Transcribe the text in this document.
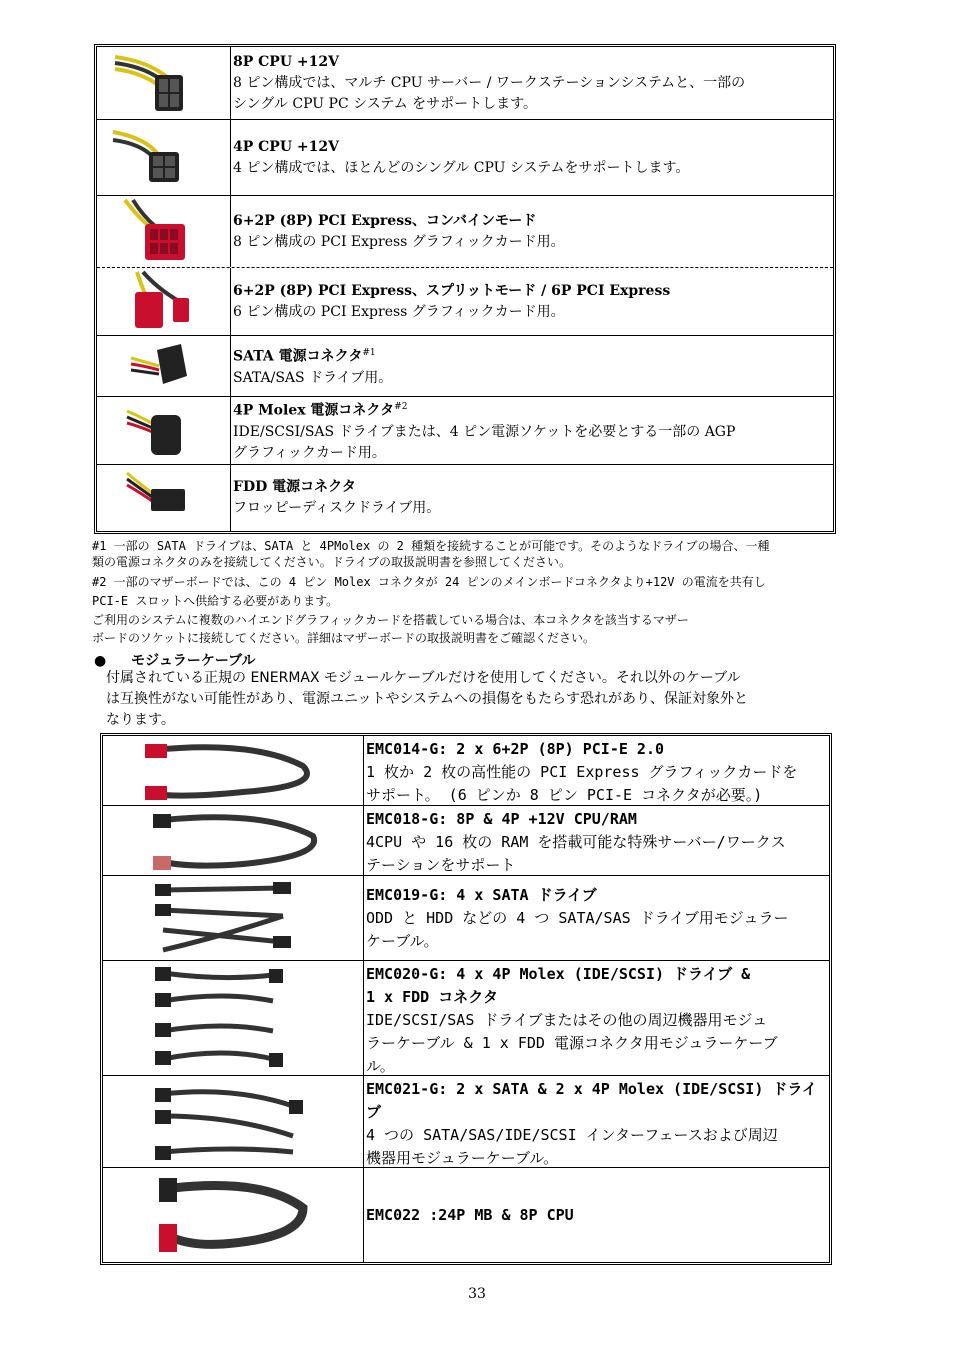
8P CPU +12V
8 ピン構成では、マルチ CPU サーバー / ワークステーションシステムと、一部の
シングル CPU PC システム をサポートします。
4P CPU +12V
4 ピン構成では、ほとんどのシングル CPU システムをサポートします。
6+2P (8P) PCI Express、コンバインモード
8 ピン構成の PCI Express グラフィックカード用。
6+2P (8P) PCI Express、スプリットモード / 6P PCI Express
6 ピン構成の PCI Express グラフィックカード用。
SATA 電源コネクタ$^{\#1}$
SATA/SAS ドライブ用。
4P Molex 電源コネクタ$^{\#2}$
IDE/SCSI/SAS ドライブまたは、4 ピン電源ソケットを必要とする一部の AGP
グラフィックカード用。
FDD 電源コネクタ
フロッピーディスクドライブ用。
#1 一部の SATA ドライブは、SATA と 4PMolex の 2 種類を接続することが可能です。そのようなドライブの場合、一種
類の電源コネクタのみを接続してください。ドライブの取扱説明書を参照してください。
#2 一部のマザーボードでは、この 4 ピン Molex コネクタが 24 ピンのメインボードコネクタより+12V の電流を共有し
PCI-E スロットへ供給する必要があります。
ご利用のシステムに複数のハイエンドグラフィックカードを搭載している場合は、本コネクタを該当するマザー
ボードのソケットに接続してください。詳細はマザーボードの取扱説明書をご確認ください。
● モジュラーケーブル
付属されている正規の ENERMAX モジュールケーブルだけを使用してください。それ以外のケーブル
は互換性がない可能性があり、電源ユニットやシステムへの損傷をもたらす恐れがあり、保証対象外と
なります。
EMC014-G: 2 x 6+2P (8P) PCI-E 2.0
1 枚か 2 枚の高性能の PCI Express グラフィックカードを
サポート。 (6 ピンか 8 ピン PCI-E コネクタが必要。)
EMC018-G: 8P & 4P +12V CPU/RAM
4CPU や 16 枚の RAM を搭載可能な特殊サーバー/ワークス
テーションをサポート
EMC019-G: 4 x SATA ドライブ
ODD と HDD などの 4 つ SATA/SAS ドライブ用モジュラー
ケーブル。
EMC020-G: 4 x 4P Molex (IDE/SCSI) ドライブ &
1 x FDD コネクタ
IDE/SCSI/SAS ドライブまたはその他の周辺機器用モジュ
ラーケーブル & 1 x FDD 電源コネクタ用モジュラーケーブ
ル。
EMC021-G: 2 x SATA & 2 x 4P Molex (IDE/SCSI) ドライ
ブ
4 つの SATA/SAS/IDE/SCSI インターフェースおよび周辺
機器用モジュラーケーブル。
EMC022 :24P MB & 8P CPU
33
